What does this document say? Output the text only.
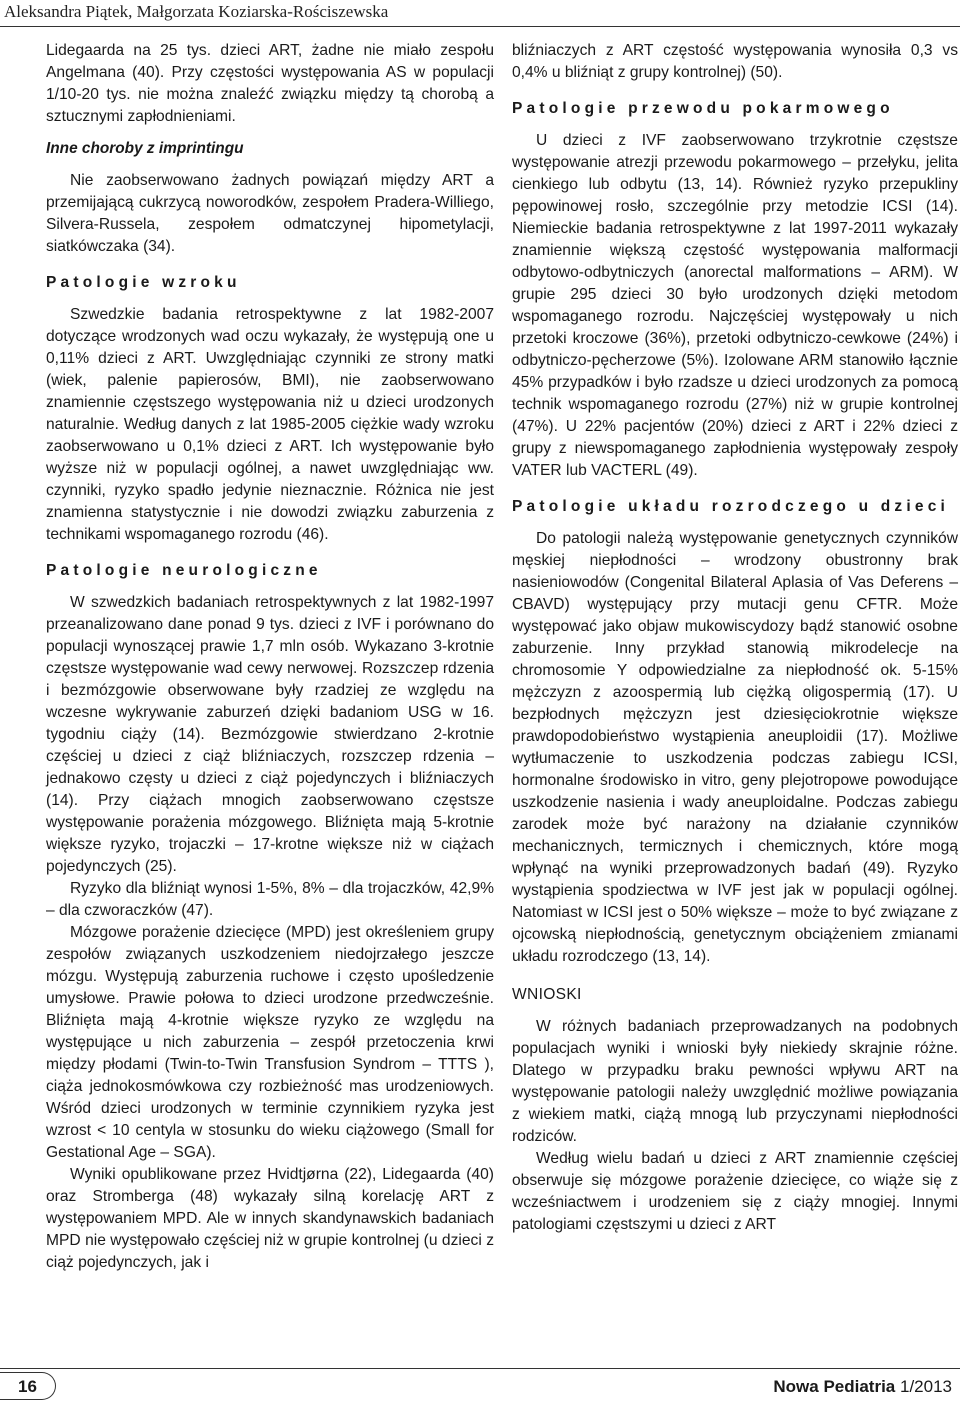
Aleksandra Piątek, Małgorzata Koziarska-Rościszewska

Lidegaarda na 25 tys. dzieci ART, żadne nie miało zespołu Angelmana (40). Przy częstości występowania AS w populacji 1/10-20 tys. nie można znaleźć związku między tą chorobą a sztucznymi zapłodnieniami.

Inne choroby z imprintingu

Nie zaobserwowano żadnych powiązań między ART a przemijającą cukrzycą noworodków, zespołem Pradera-Williego, Silvera-Russela, zespołem odmatczynej hipometylacji, siatkówczaka (34).

Patologie wzroku

Szwedzkie badania retrospektywne z lat 1982-2007 dotyczące wrodzonych wad oczu wykazały, że występują one u 0,11% dzieci z ART. Uwzględniając czynniki ze strony matki (wiek, palenie papierosów, BMI), nie zaobserwowano znamiennie częstszego występowania niż u dzieci urodzonych naturalnie. Według danych z lat 1985-2005 ciężkie wady wzroku zaobserwowano u 0,1% dzieci z ART. Ich występowanie było wyższe niż w populacji ogólnej, a nawet uwzględniając ww. czynniki, ryzyko spadło jedynie nieznacznie. Różnica nie jest znamienna statystycznie i nie dowodzi związku zaburzenia z technikami wspomaganego rozrodu (46).

Patologie neurologiczne

W szwedzkich badaniach retrospektywnych z lat 1982-1997 przeanalizowano dane ponad 9 tys. dzieci z IVF i porównano do populacji wynoszącej prawie 1,7 mln osób. Wykazano 3-krotnie częstsze występowanie wad cewy nerwowej. Rozszczep rdzenia i bezmózgowie obserwowane były rzadziej ze względu na wczesne wykrywanie zaburzeń dzięki badaniom USG w 16. tygodniu ciąży (14). Bezmózgowie stwierdzano 2-krotnie częściej u dzieci z ciąż bliźniaczych, rozszczep rdzenia – jednakowo częsty u dzieci z ciąż pojedynczych i bliźniaczych (14). Przy ciążach mnogich zaobserwowano częstsze występowanie porażenia mózgowego. Bliźnięta mają 5-krotnie większe ryzyko, trojaczki – 17-krotne większe niż w ciążach pojedynczych (25).

Ryzyko dla bliźniąt wynosi 1-5%, 8% – dla trojaczków, 42,9% – dla czworaczków (47).

Mózgowe porażenie dziecięce (MPD) jest określeniem grupy zespołów związanych uszkodzeniem niedojrzałego jeszcze mózgu. Występują zaburzenia ruchowe i często upośledzenie umysłowe. Prawie połowa to dzieci urodzone przedwcześnie. Bliźnięta mają 4-krotnie większe ryzyko ze względu na występujące u nich zaburzenia – zespół przetoczenia krwi między płodami (Twin-to-Twin Transfusion Syndrom – TTTS ), ciąża jednokosmówkowa czy rozbieżność mas urodzeniowych. Wśród dzieci urodzonych w terminie czynnikiem ryzyka jest wzrost < 10 centyla w stosunku do wieku ciążowego (Small for Gestational Age – SGA).

Wyniki opublikowane przez Hvidtjørna (22), Lidegaarda (40) oraz Stromberga (48) wykazały silną korelację ART z występowaniem MPD. Ale w innych skandynawskich badaniach MPD nie występowało częściej niż w grupie kontrolnej (u dzieci z ciąż pojedynczych, jak i

bliźniaczych z ART częstość występowania wynosiła 0,3 vs 0,4% u bliźniąt z grupy kontrolnej) (50).

Patologie przewodu pokarmowego

U dzieci z IVF zaobserwowano trzykrotnie częstsze występowanie atrezji przewodu pokarmowego – przełyku, jelita cienkiego lub odbytu (13, 14). Również ryzyko przepukliny pępowinowej rosło, szczególnie przy metodzie ICSI (14). Niemieckie badania retrospektywne z lat 1997-2011 wykazały znamiennie większą częstość występowania malformacji odbytowo-odbytniczych (anorectal malformations – ARM). W grupie 295 dzieci 30 było urodzonych dzięki metodom wspomaganego rozrodu. Najczęściej występowały u nich przetoki kroczowe (36%), przetoki odbytniczo-cewkowe (24%) i odbytniczo-pęcherzowe (5%). Izolowane ARM stanowiło łącznie 45% przypadków i było rzadsze u dzieci urodzonych za pomocą technik wspomaganego rozrodu (27%) niż w grupie kontrolnej (47%). U 22% pacjentów (20%) dzieci z ART i 22% dzieci z grupy z niewspomaganego zapłodnienia występowały zespoły VATER lub VACTERL (49).

Patologie układu rozrodczego u dzieci

Do patologii należą występowanie genetycznych czynników męskiej niepłodności – wrodzony obustronny brak nasieniowodów (Congenital Bilateral Aplasia of Vas Deferens – CBAVD) występujący przy mutacji genu CFTR. Może występować jako objaw mukowiscydozy bądź stanowić osobne zaburzenie. Inny przykład stanowią mikrodelecje na chromosomie Y odpowiedzialne za niepłodność ok. 5-15% mężczyzn z azoospermią lub ciężką oligospermią (17). U bezpłodnych mężczyzn jest dziesięciokrotnie większe prawdopodobieństwo wystąpienia aneuploidii (17). Możliwe wytłumaczenie to uszkodzenia podczas zabiegu ICSI, hormonalne środowisko in vitro, geny plejotropowe powodujące uszkodzenie nasienia i wady aneuploidalne. Podczas zabiegu zarodek może być narażony na działanie czynników mechanicznych, termicznych i chemicznych, które mogą wpłynąć na wyniki przeprowadzonych badań (49). Ryzyko wystąpienia spodziectwa w IVF jest jak w populacji ogólnej. Natomiast w ICSI jest o 50% większe – może to być związane z ojcowską niepłodnością, genetycznym obciążeniem zmianami układu rozrodczego (13, 14).

WNIOSKI

W różnych badaniach przeprowadzanych na podobnych populacjach wyniki i wnioski były niekiedy skrajnie różne. Dlatego w przypadku braku pewności wpływu ART na występowanie patologii należy uwzględnić możliwe powiązania z wiekiem matki, ciążą mnogą lub przyczynami niepłodności rodziców.

Według wielu badań u dzieci z ART znamiennie częściej obserwuje się mózgowe porażenie dziecięce, co wiąże się z wcześniactwem i urodzeniem się z ciąży mnogiej. Innymi patologiami częstszymi u dzieci z ART

16	Nowa Pediatria 1/2013
